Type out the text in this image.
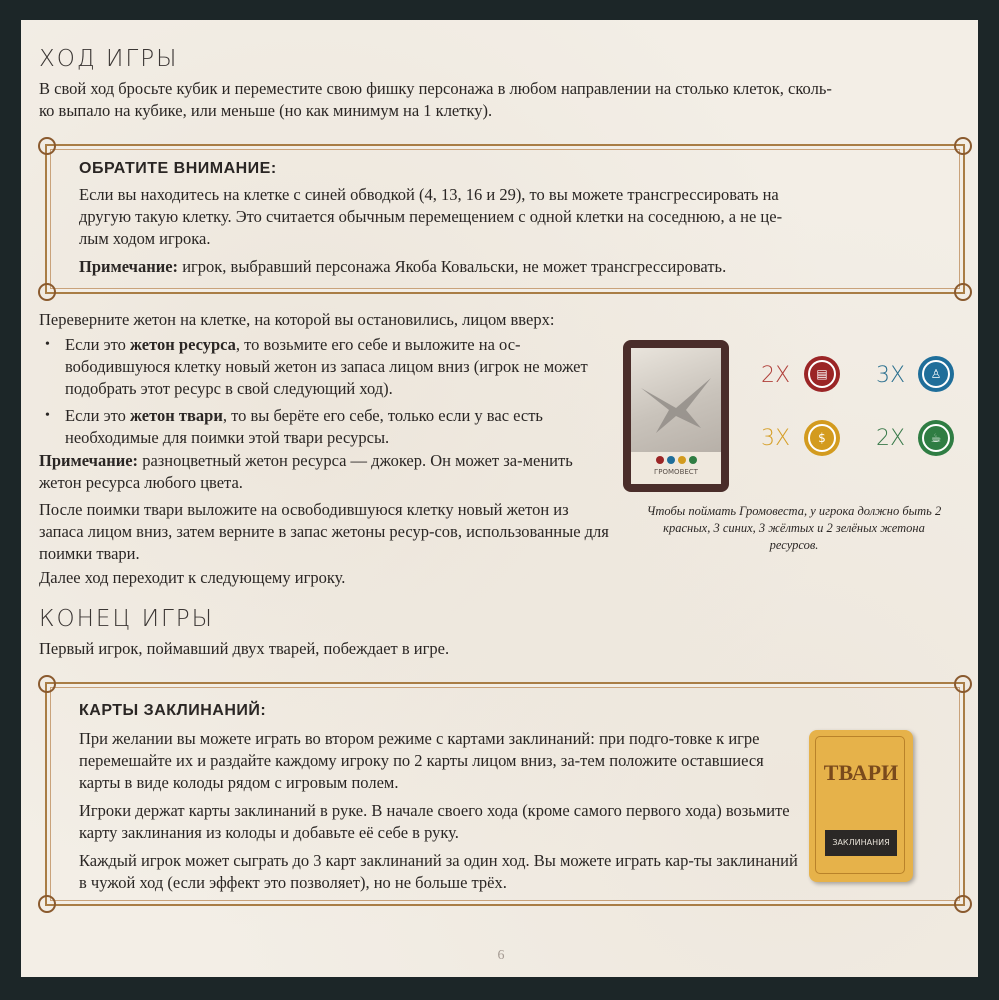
ХОД ИГРЫ
В свой ход бросьте кубик и переместите свою фишку персонажа в любом направлении на столько клеток, сколь-
ко выпало на кубике, или меньше (но как минимум на 1 клетку).
ОБРАТИТЕ ВНИМАНИЕ:
Если вы находитесь на клетке с синей обводкой (4, 13, 16 и 29), то вы можете трансгрессировать на
другую такую клетку. Это считается обычным перемещением с одной клетки на соседнюю, а не це-
лым ходом игрока.
Примечание: игрок, выбравший персонажа Якоба Ковальски, не может трансгрессировать.
Переверните жетон на клетке, на которой вы остановились, лицом вверх:
• Если это жетон ресурса, то возьмите его себе и выложите на ос-вободившуюся клетку новый жетон из запаса лицом вниз (игрок не может подобрать этот ресурс в свой следующий ход).
• Если это жетон твари, то вы берёте его себе, только если у вас есть необходимые для поимки этой твари ресурсы.
Примечание: разноцветный жетон ресурса — джокер. Он может за-менить жетон ресурса любого цвета.
После поимки твари выложите на освободившуюся клетку новый жетон из запаса лицом вниз, затем верните в запас жетоны ресур-сов, использованные для поимки твари.
Далее ход переходит к следующему игроку.
ГРОМОВЕСТ
2Х	▤	3Х	♙
3Х	$	2Х	☕
Чтобы поймать Громовеста, у игрока должно быть 2 красных, 3 синих, 3 жёлтых и 2 зелёных жетона ресурсов.
КОНЕЦ ИГРЫ
Первый игрок, поймавший двух тварей, побеждает в игре.
КАРТЫ ЗАКЛИНАНИЙ:
При желании вы можете играть во втором режиме с картами заклинаний: при подго-товке к игре перемешайте их и раздайте каждому игроку по 2 карты лицом вниз, за-тем положите оставшиеся карты в виде колоды рядом с игровым полем.
Игроки держат карты заклинаний в руке. В начале своего хода (кроме самого первого хода) возьмите карту заклинания из колоды и добавьте её себе в руку.
Каждый игрок может сыграть до 3 карт заклинаний за один ход. Вы можете играть кар-ты заклинаний в чужой ход (если эффект это позволяет), но не больше трёх.
ТВАРИ
ЗАКЛИНАНИЯ
6
